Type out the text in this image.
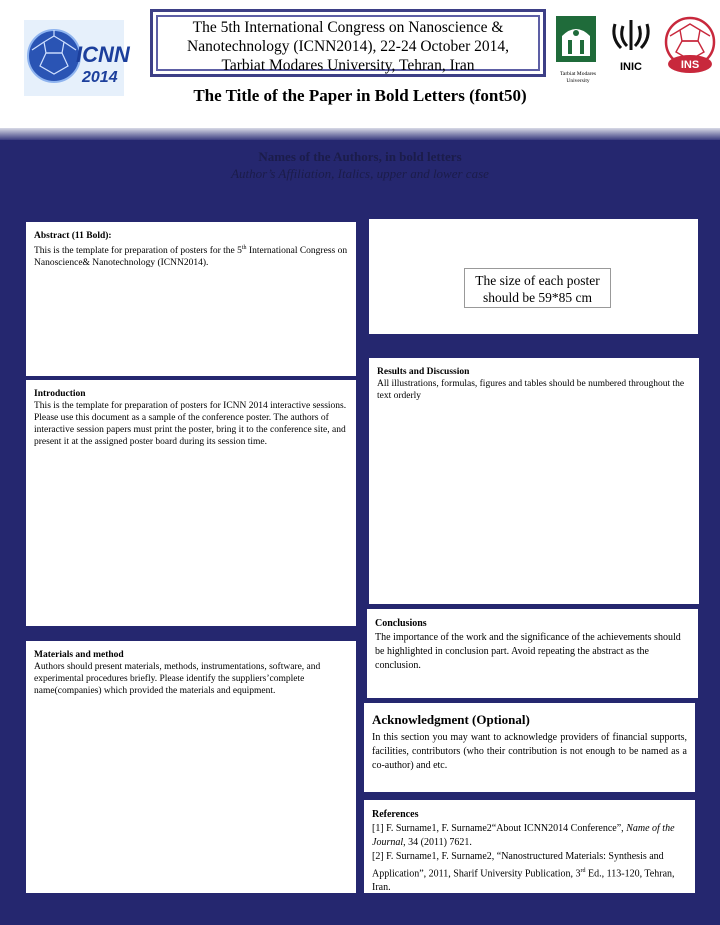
ICNN
2014
The 5th International Congress on Nanoscience &
Nanotechnology (ICNN2014), 22-24 October 2014,
Tarbiat Modares University, Tehran, Iran	Tarbiat Modares University
INIC	INS
The Title of the Paper in Bold Letters (font50)
Names of the Authors, in bold letters
Author’s Affiliation, Italics, upper and lower case
Abstract (11 Bold):
This is the template for preparation of posters for the 5th International Congress on Nanoscience& Nanotechnology (ICNN2014).
The size of each poster
should be 59*85 cm
Introduction
This is the template for preparation of posters for ICNN 2014 interactive sessions. Please use this document as a sample of the conference poster. The authors of interactive session papers must print the poster, bring it to the conference site, and present it at the assigned poster board during its session time.
Results and Discussion
All illustrations, formulas, figures and tables should be numbered throughout the text orderly
Conclusions
The importance of the work and the significance of the achievements should be highlighted in conclusion part. Avoid repeating the abstract as the conclusion.
Materials and method
Authors should present materials, methods, instrumentations, software, and experimental procedures briefly. Please identify the suppliers’complete name(companies) which provided the materials and equipment.
Acknowledgment (Optional)
In this section you may want to acknowledge providers of financial supports, facilities, contributors (who their contribution is not enough to be named as a co-author) and etc.
References
[1] F. Surname1, F. Surname2“About ICNN2014 Conference”, Name of the Journal, 34 (2011) 7621.
[2] F. Surname1, F. Surname2, “Nanostructured Materials: Synthesis and Application”, 2011, Sharif University Publication, 3rd Ed., 113-120, Tehran, Iran.
